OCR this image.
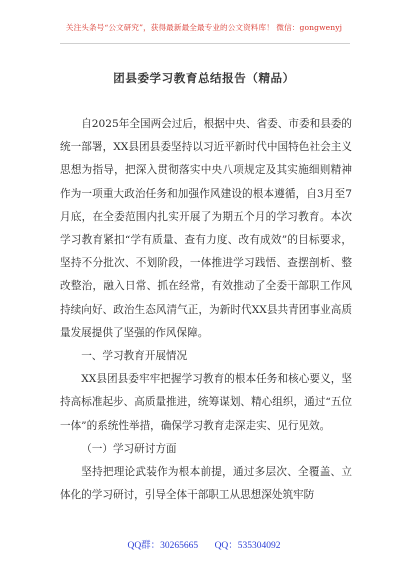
关注头条号“公文研究”，获得最新最全最专业的公文资料库！ 微信：gongwenyj
团县委学习教育总结报告（精品）

自2025年全国两会过后，根据中央、省委、市委和县委的统一部署，XX县团县委坚持以习近平新时代中国特色社会主义思想为指导，把深入贯彻落实中央八项规定及其实施细则精神作为一项重大政治任务和加强作风建设的根本遵循，自3月至7月底，在全委范围内扎实开展了为期五个月的学习教育。本次学习教育紧扣“学有质量、查有力度、改有成效”的目标要求，坚持不分批次、不划阶段，一体推进学习践悟、查摆剖析、整改整治，融入日常、抓在经常，有效推动了全委干部职工作风持续向好、政治生态风清气正，为新时代XX县共青团事业高质量发展提供了坚强的作风保障。

一、学习教育开展情况

XX县团县委牢牢把握学习教育的根本任务和核心要义，坚持高标准起步、高质量推进，统筹谋划、精心组织，通过“五位一体”的系统性举措，确保学习教育走深走实、见行见效。

（一）学习研讨方面

坚持把理论武装作为根本前提，通过多层次、全覆盖、立体化的学习研讨，引导全体干部职工从思想深处筑牢防

QQ群：30265665 QQ：535304092
